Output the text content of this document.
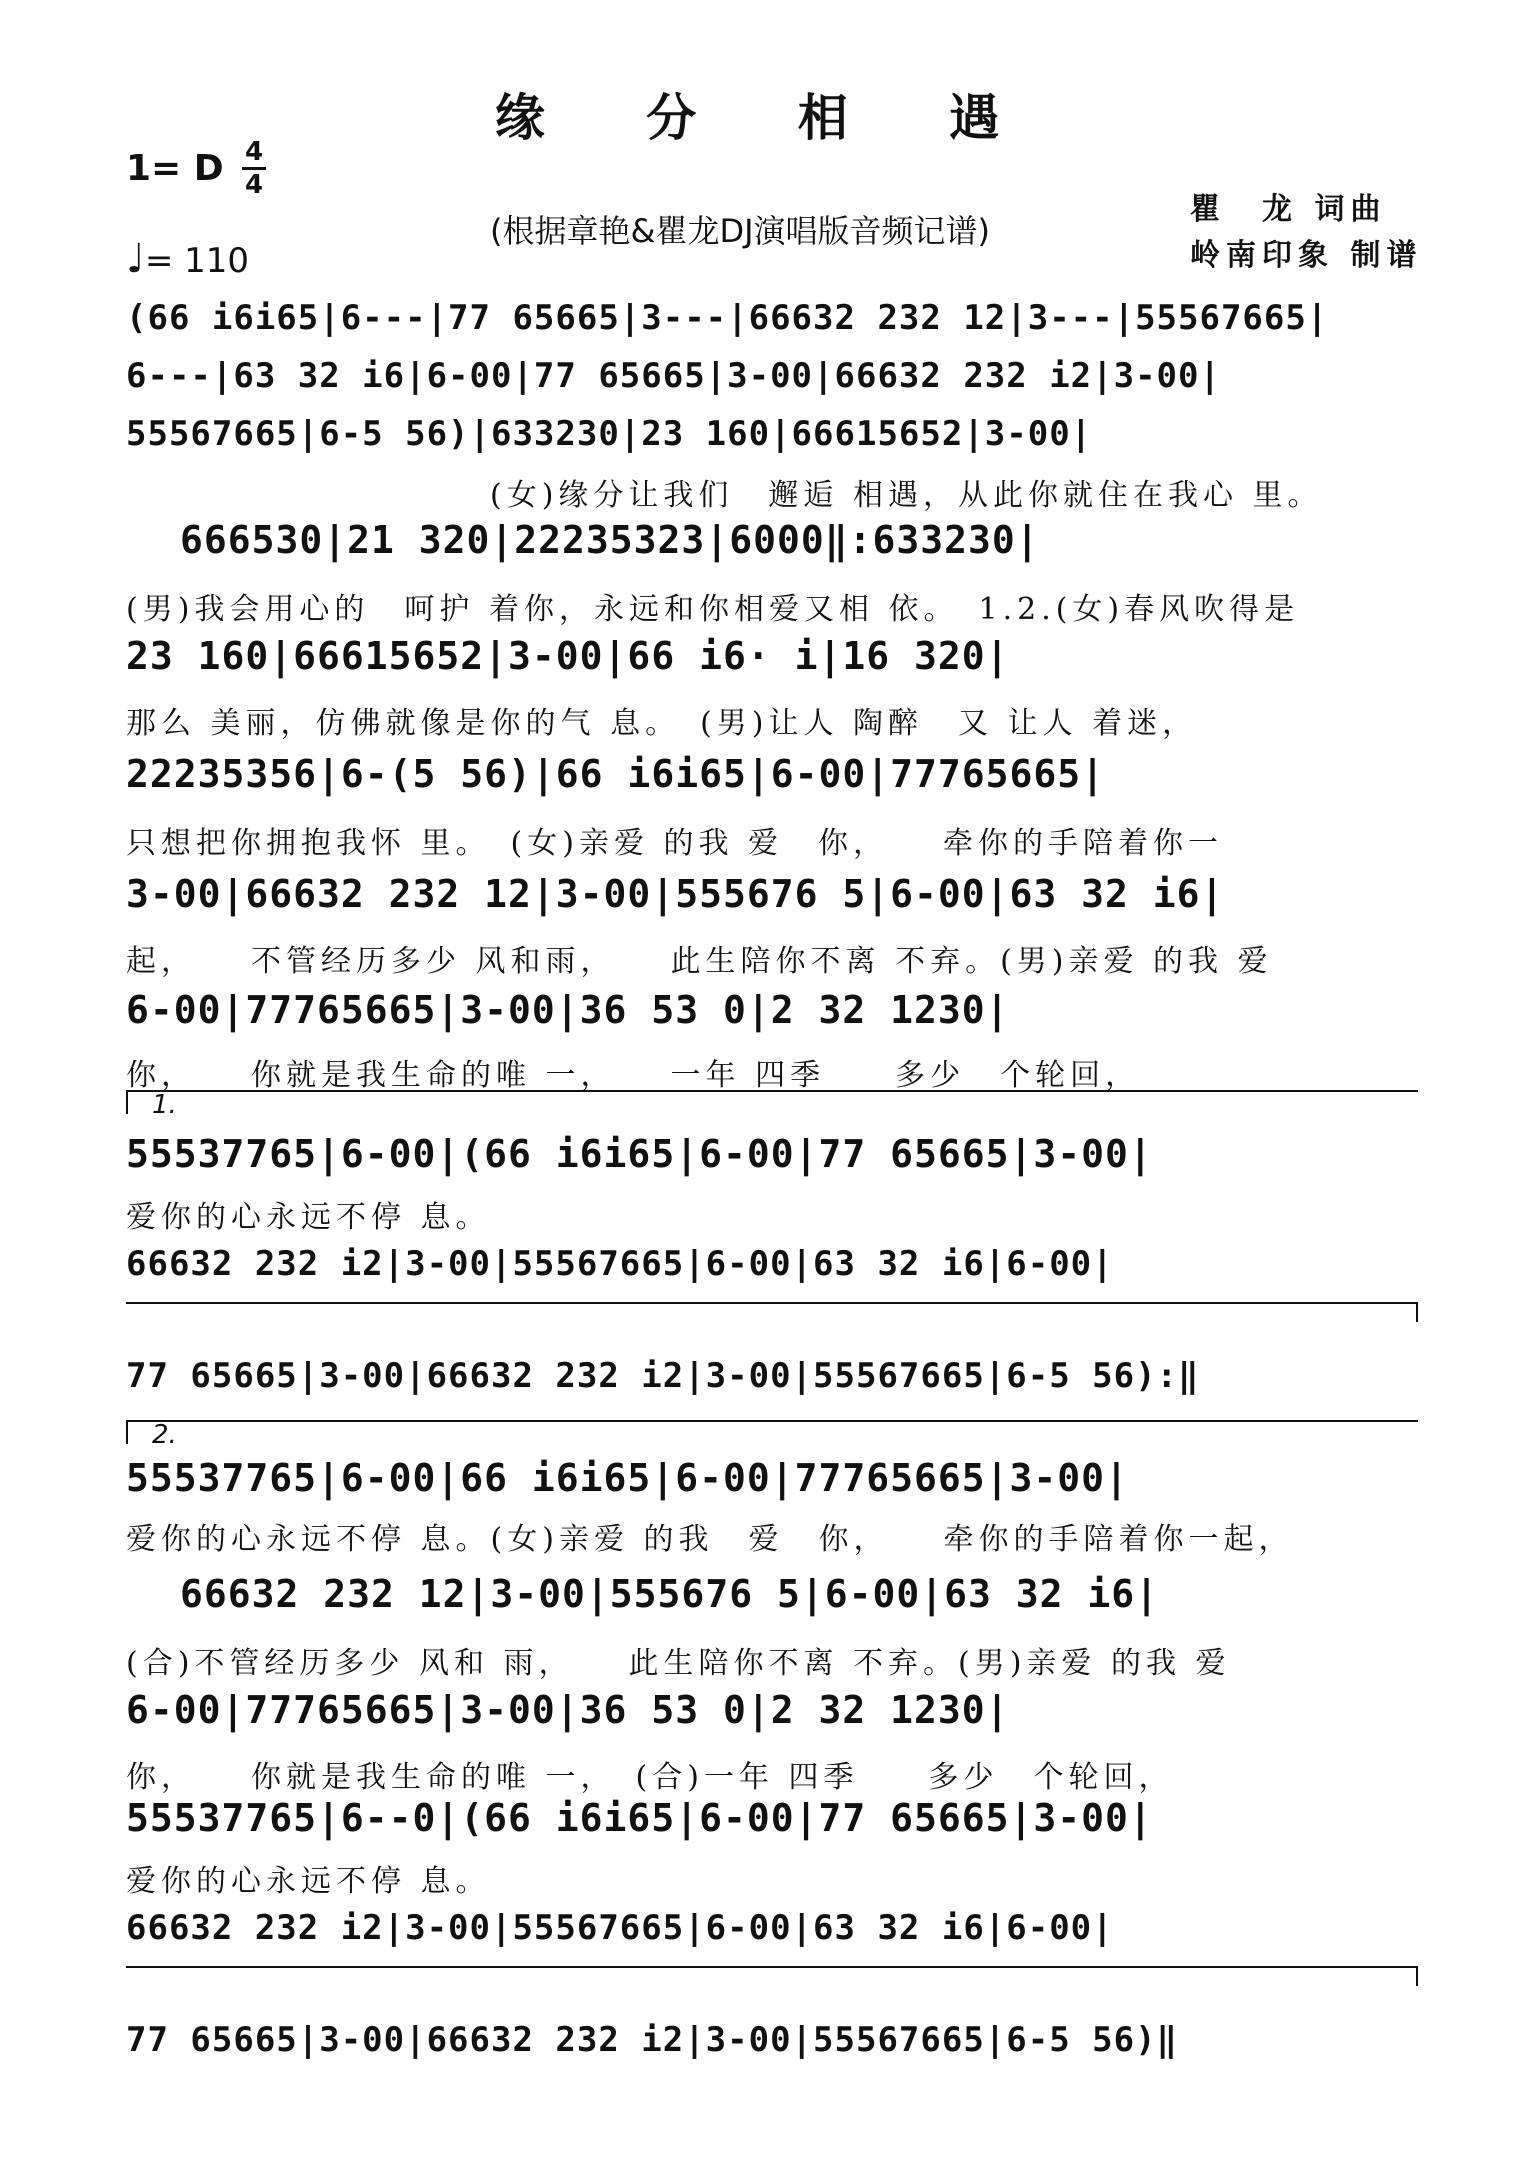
缘 分 相 遇
1= D 4
4
♩= 110
(根据章艳&瞿龙DJ演唱版音频记谱)
瞿　龙 词曲
岭南印象 制谱
(66 i6i65|6---|77 65665|3---|66632 232 12|3---|55567665|
6---|63 32 i6|6-00|77 65665|3-00|66632 232 i2|3-00|
55567665|6-5 56)|633230|23 160|66615652|3-00|
(女)缘分让我们　邂逅 相遇，从此你就住在我心 里。
666530|21 320|22235323|6000‖:633230|
(男)我会用心的　呵护 着你，永远和你相爱又相 依。　1.2.(女)春风吹得是
23 160|66615652|3-00|66 i6· i|16 320|
那么 美丽，仿佛就像是你的气 息。　(男)让人 陶醉　又 让人 着迷，
22235356|6-(5 56)|66 i6i65|6-00|77765665|
只想把你拥抱我怀 里。　(女)亲爱 的我 爱　你，　　牵你的手陪着你一
3-00|66632 232 12|3-00|555676 5|6-00|63 32 i6|
起，　　不管经历多少 风和雨，　　此生陪你不离 不弃。(男)亲爱 的我 爱
6-00|77765665|3-00|36 53 0|2 32 1230|
你，　　你就是我生命的唯 一，　　一年 四季　　多少　个轮回，
1.
55537765|6-00|(66 i6i65|6-00|77 65665|3-00|
爱你的心永远不停 息。
66632 232 i2|3-00|55567665|6-00|63 32 i6|6-00|
77 65665|3-00|66632 232 i2|3-00|55567665|6-5 56):‖
2.
55537765|6-00|66 i6i65|6-00|77765665|3-00|
爱你的心永远不停 息。(女)亲爱 的我　爱　你，　　牵你的手陪着你一起，
66632 232 12|3-00|555676 5|6-00|63 32 i6|
(合)不管经历多少 风和 雨，　　此生陪你不离 不弃。(男)亲爱 的我 爱
6-00|77765665|3-00|36 53 0|2 32 1230|
你，　　你就是我生命的唯 一，　(合)一年 四季　　多少　个轮回，
55537765|6--0|(66 i6i65|6-00|77 65665|3-00|
爱你的心永远不停 息。
66632 232 i2|3-00|55567665|6-00|63 32 i6|6-00|
77 65665|3-00|66632 232 i2|3-00|55567665|6-5 56)‖
